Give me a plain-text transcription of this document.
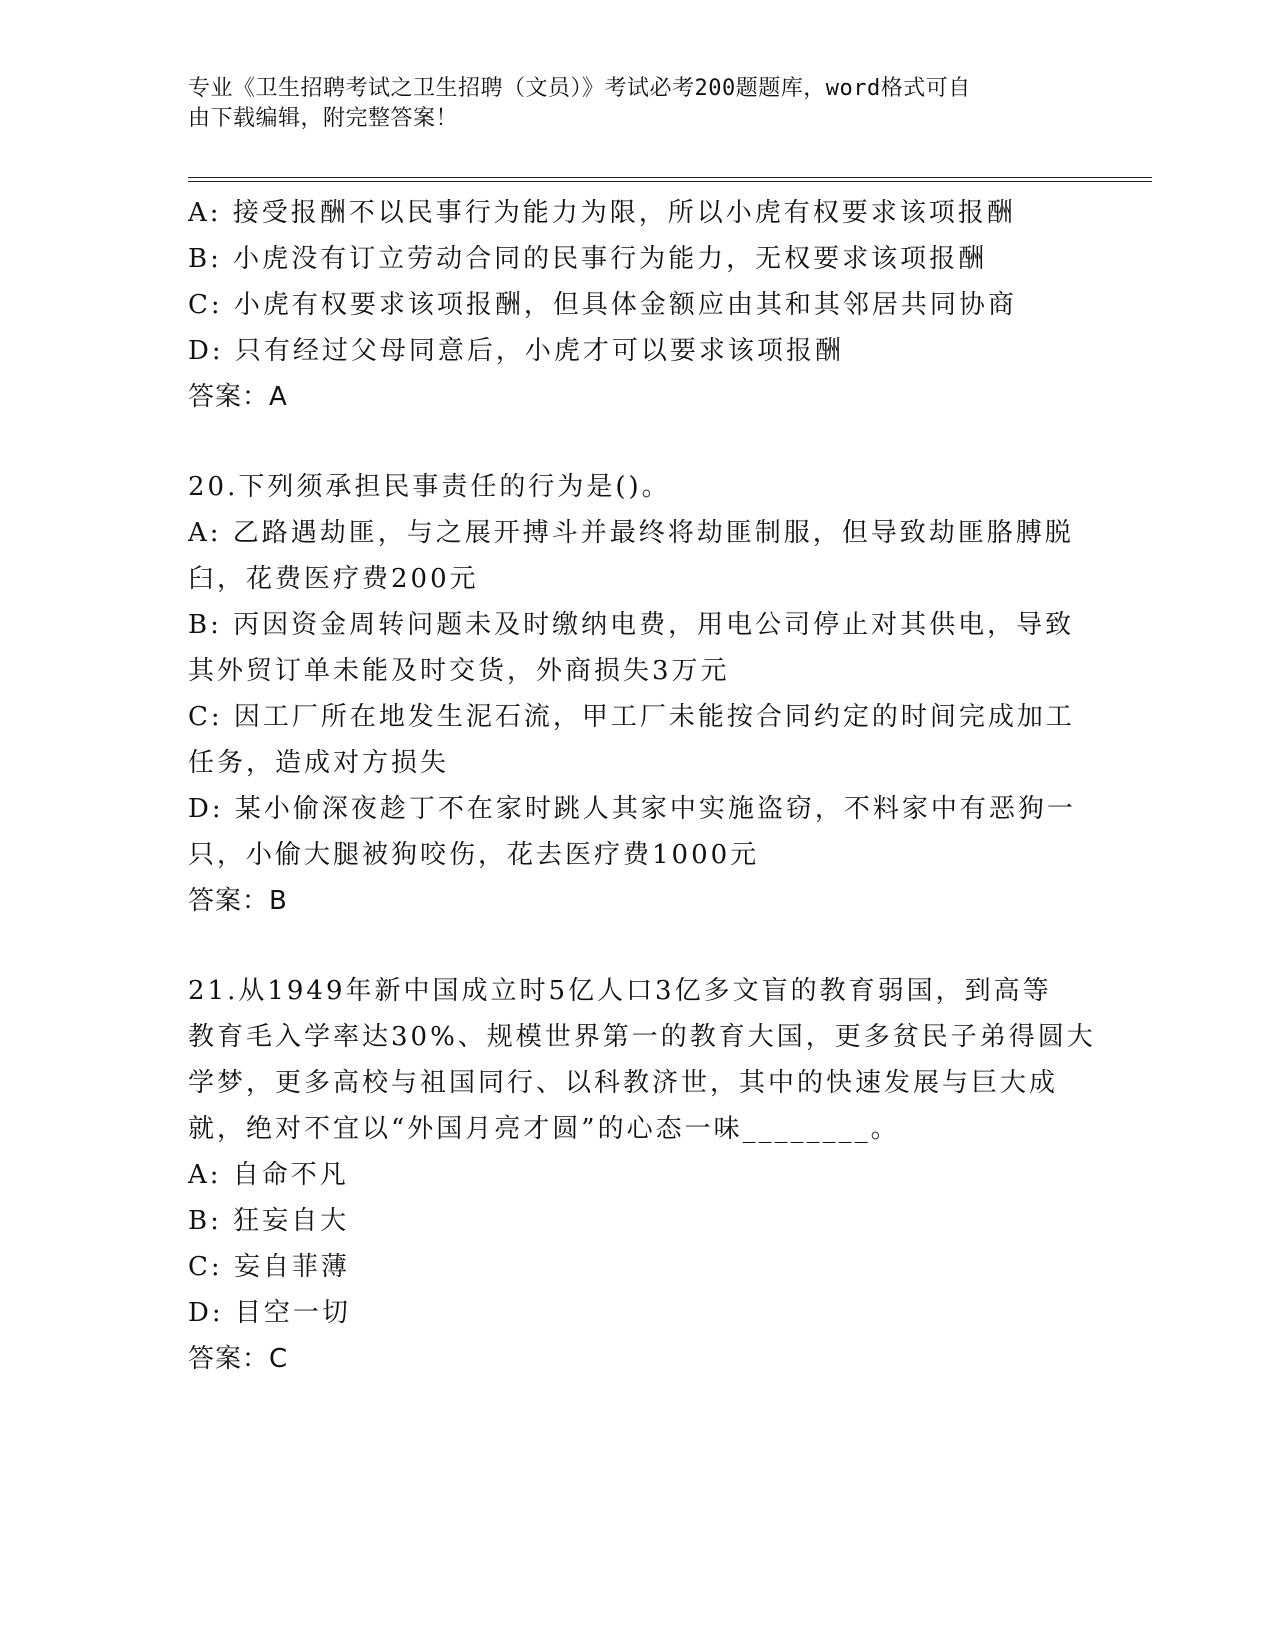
专业《卫生招聘考试之卫生招聘（文员）》考试必考200题题库，word格式可自
由下载编辑，附完整答案！
A: 接受报酬不以民事行为能力为限，所以小虎有权要求该项报酬
B: 小虎没有订立劳动合同的民事行为能力，无权要求该项报酬
C: 小虎有权要求该项报酬，但具体金额应由其和其邻居共同协商
D: 只有经过父母同意后，小虎才可以要求该项报酬
答案：A
20.下列须承担民事责任的行为是()。
A: 乙路遇劫匪，与之展开搏斗并最终将劫匪制服，但导致劫匪胳膊脱
臼，花费医疗费200元
B: 丙因资金周转问题未及时缴纳电费，用电公司停止对其供电，导致
其外贸订单未能及时交货，外商损失3万元
C: 因工厂所在地发生泥石流，甲工厂未能按合同约定的时间完成加工
任务，造成对方损失
D: 某小偷深夜趁丁不在家时跳人其家中实施盗窃，不料家中有恶狗一
只，小偷大腿被狗咬伤，花去医疗费1000元
答案：B
21.从1949年新中国成立时5亿人口3亿多文盲的教育弱国，到高等
教育毛入学率达30%、规模世界第一的教育大国，更多贫民子弟得圆大
学梦，更多高校与祖国同行、以科教济世，其中的快速发展与巨大成
就，绝对不宜以“外国月亮才圆”的心态一味________。
A: 自命不凡
B: 狂妄自大
C: 妄自菲薄
D: 目空一切
答案：C
